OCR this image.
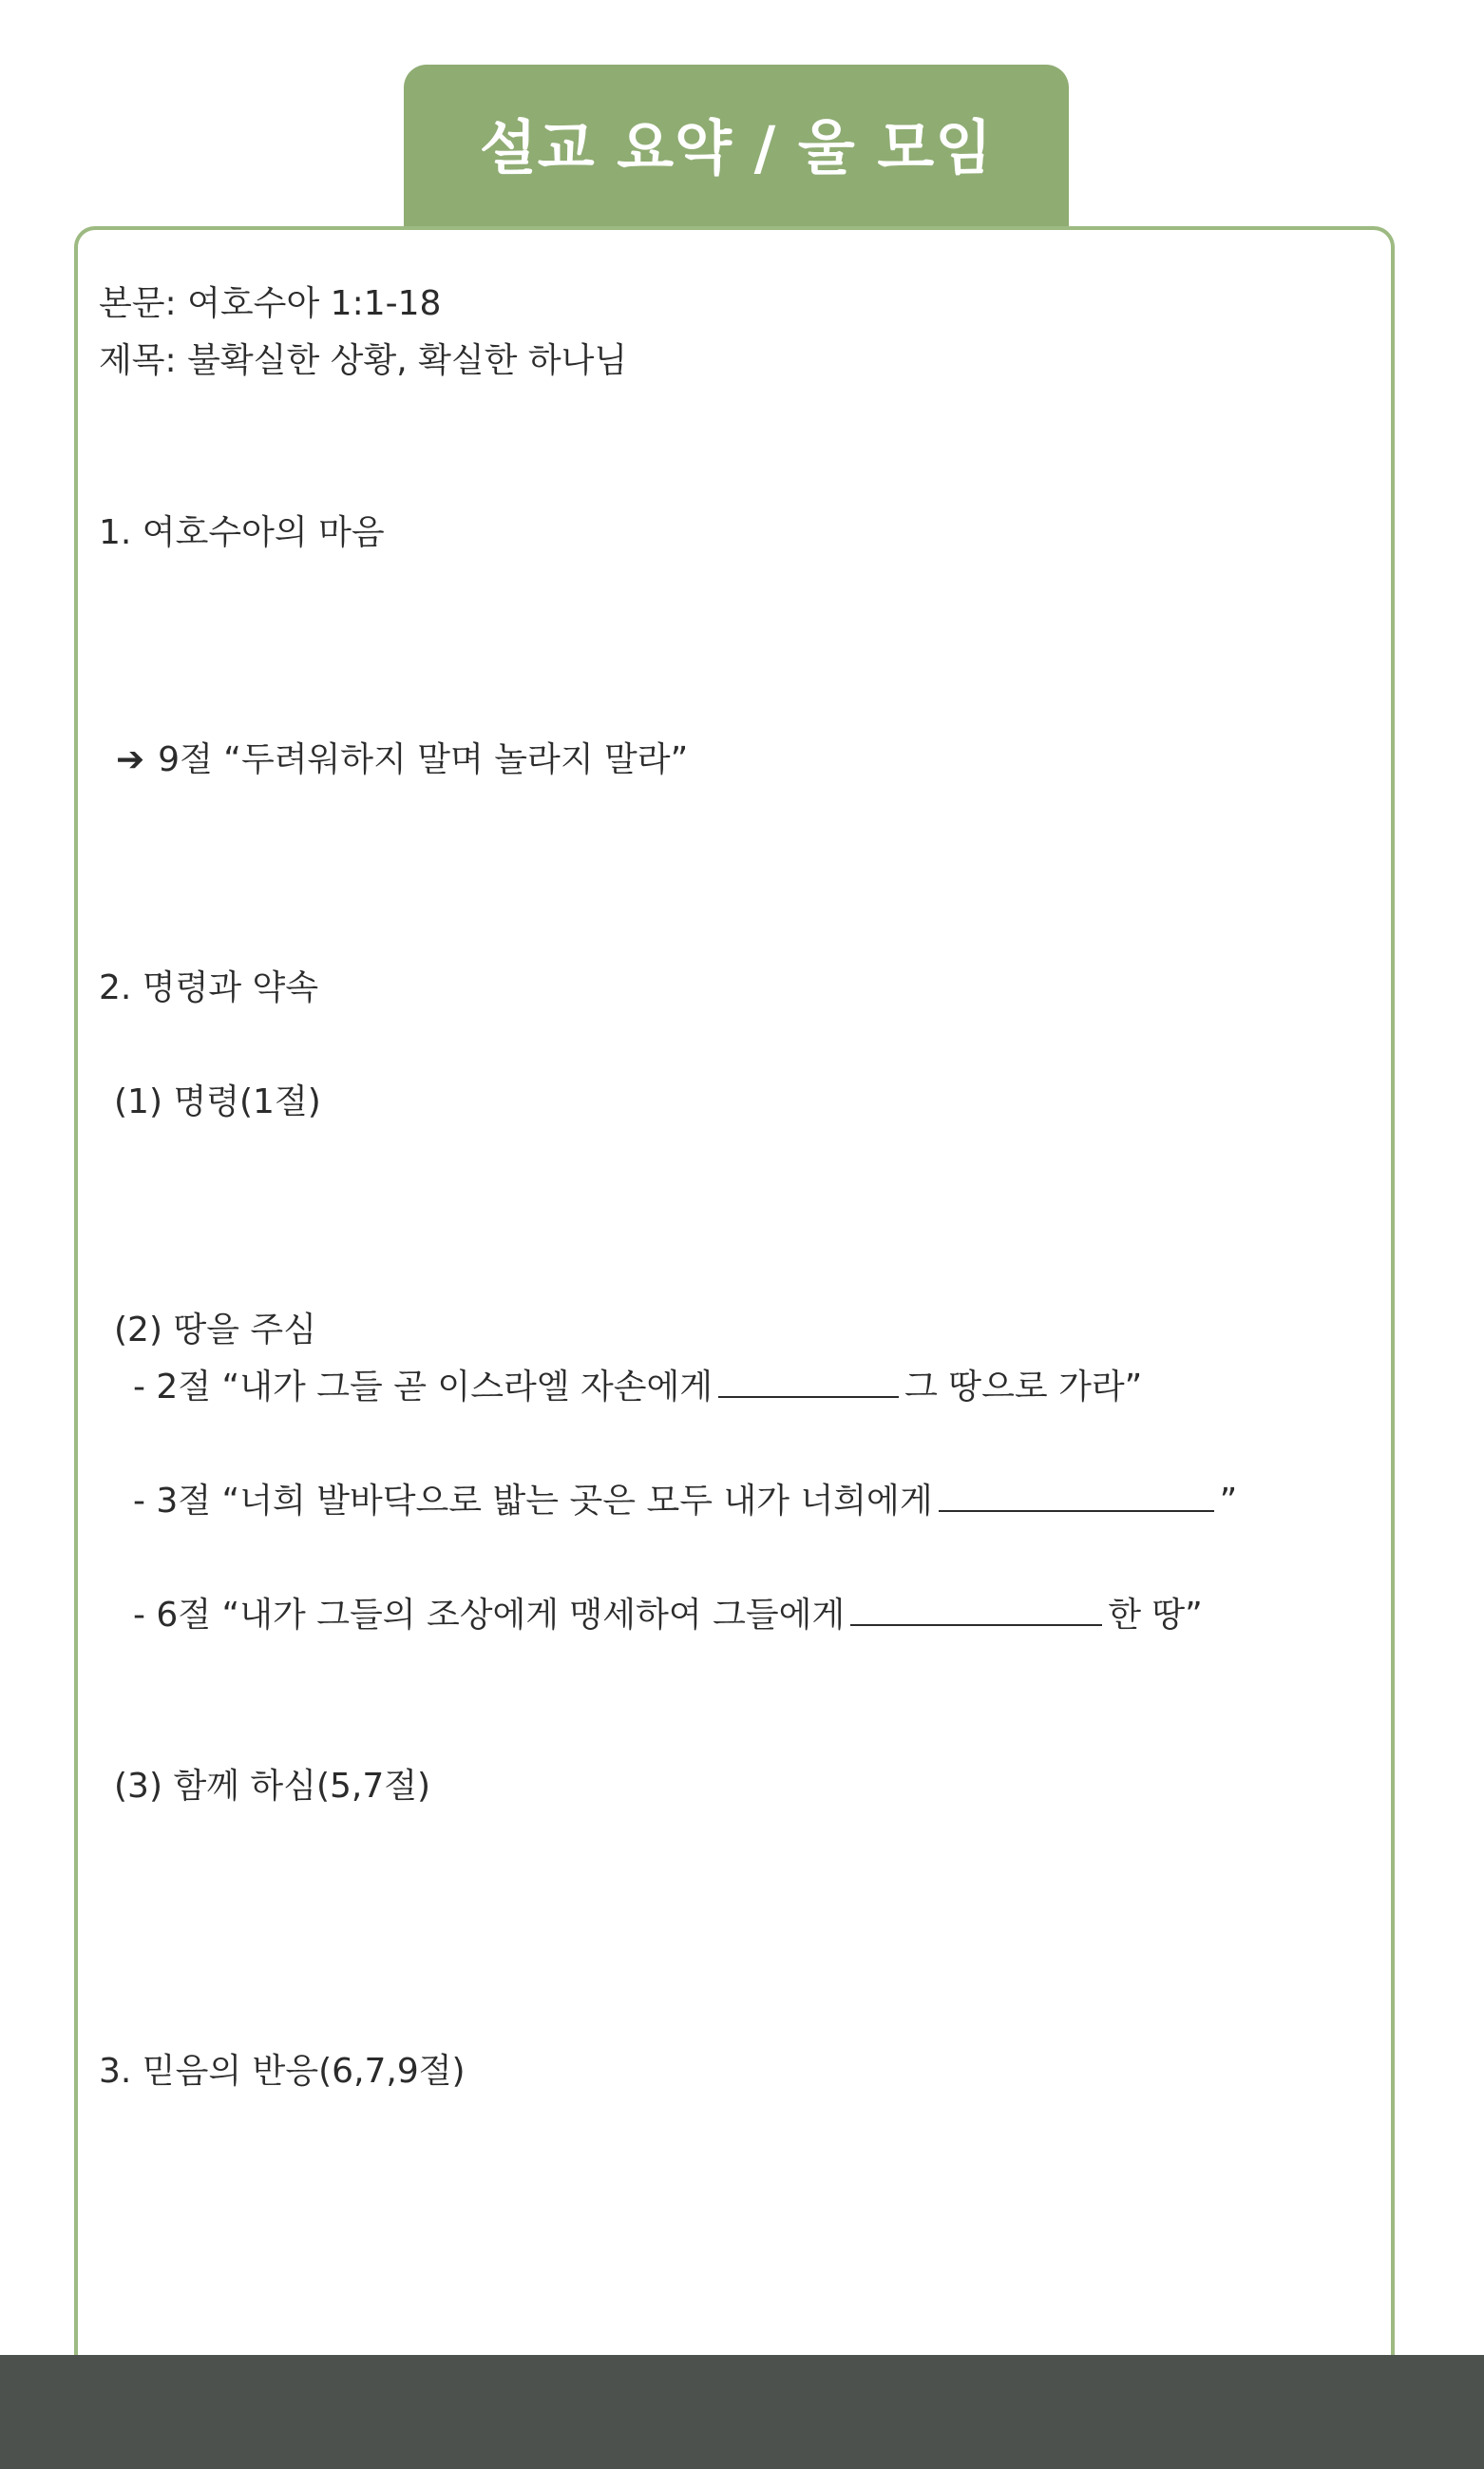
설교 요약 / 울 모임
본문: 여호수아 1:1-18
제목: 불확실한 상황, 확실한 하나님
1. 여호수아의 마음
➔ 9절 “두려워하지 말며 놀라지 말라”
2. 명령과 약속
(1) 명령(1절)
(2) 땅을 주심
- 2절 “내가 그들 곧 이스라엘 자손에게	그 땅으로 가라”
- 3절 “너희 발바닥으로 밟는 곳은 모두 내가 너희에게	”
- 6절 “내가 그들의 조상에게 맹세하여 그들에게	한 땅”
(3) 함께 하심(5,7절)
3. 믿음의 반응(6,7,9절)
